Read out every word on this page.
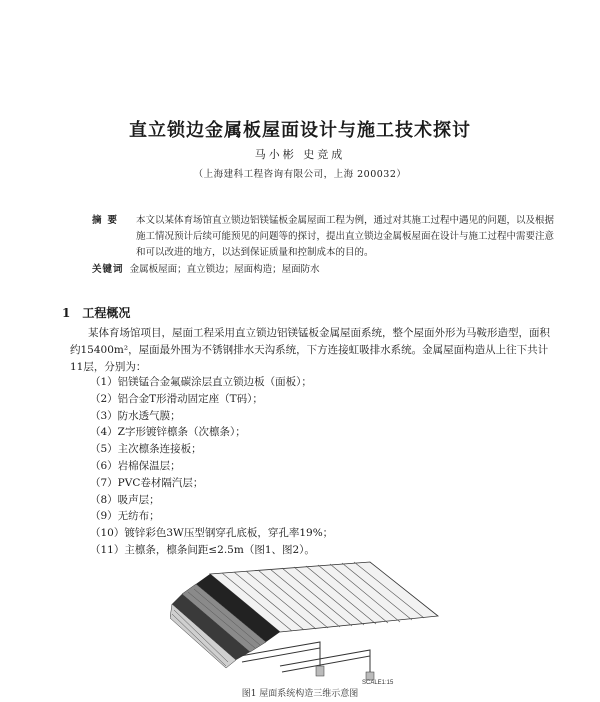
直立锁边金属板屋面设计与施工技术探讨
马小彬 史竞成
（上海建科工程咨询有限公司，上海 200032）
摘要 本文以某体育场馆直立锁边铝镁锰板金属屋面工程为例，通过对其施工过程中遇见的问题，以及根据施工情况预计后续可能预见的问题等的探讨，提出直立锁边金属板屋面在设计与施工过程中需要注意和可以改进的地方，以达到保证质量和控制成本的目的。
关键词 金属板屋面；直立锁边；屋面构造；屋面防水
1 工程概况
某体育场馆项目，屋面工程采用直立锁边铝镁锰板金属屋面系统，整个屋面外形为马鞍形造型，面积约15400m²，屋面最外围为不锈钢排水天沟系统，下方连接虹吸排水系统。金属屋面构造从上往下共计11层，分别为：
（1）铝镁锰合金氟碳涂层直立锁边板（面板）；
（2）铝合金T形滑动固定座（T码）；
（3）防水透气膜；
（4）Z字形镀锌檩条（次檩条）；
（5）主次檩条连接板；
（6）岩棉保温层；
（7）PVC卷材隔汽层；
（8）吸声层；
（9）无纺布；
（10）镀锌彩色3W压型钢穿孔底板，穿孔率19%；
（11）主檩条，檩条间距≤2.5m（图1、图2）。
SCALE1:15
图1 屋面系统构造三维示意图
